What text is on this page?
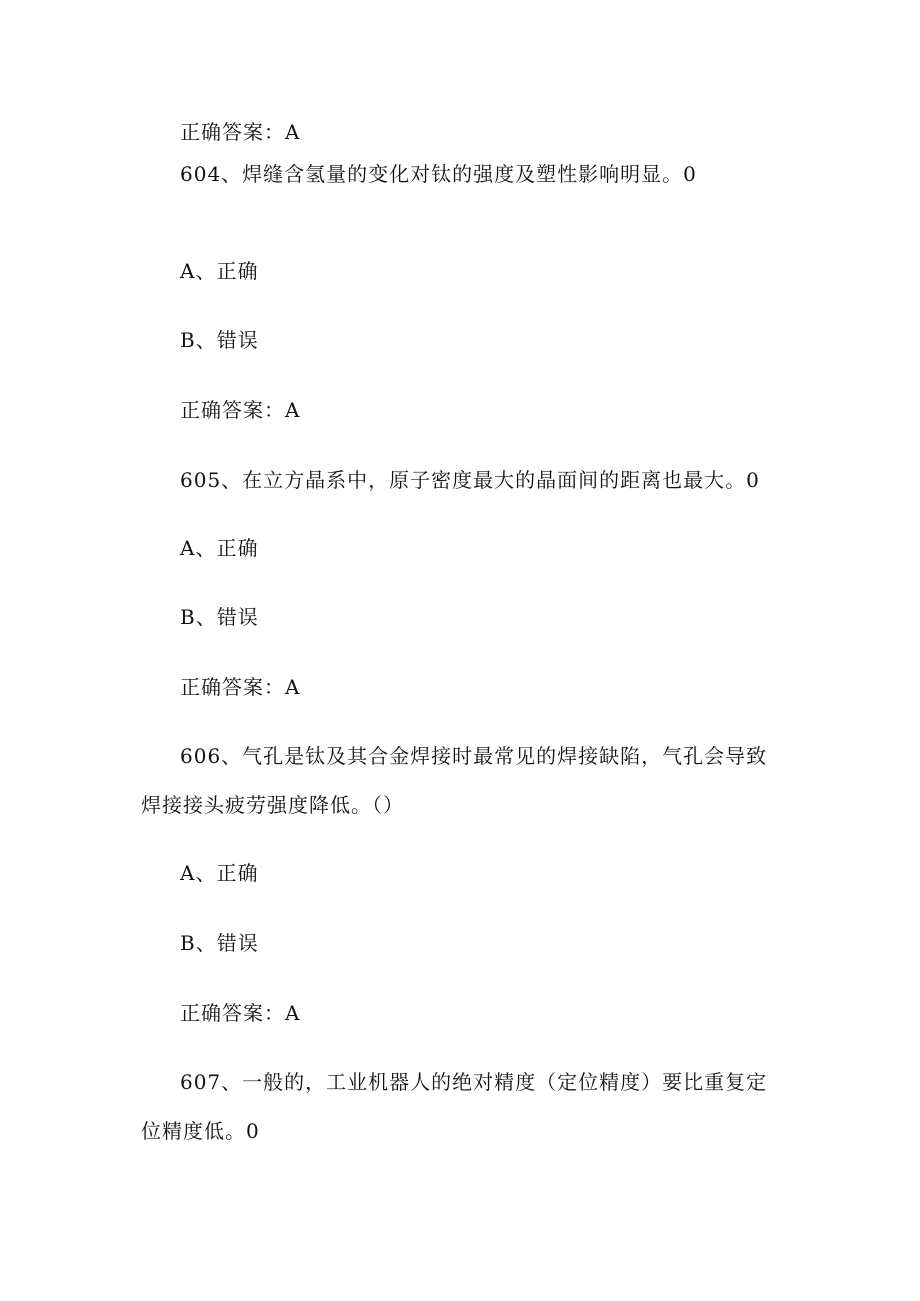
正确答案：A
604、焊缝含氢量的变化对钛的强度及塑性影响明显。0
A、正确
B、错误
正确答案：A
605、在立方晶系中，原子密度最大的晶面间的距离也最大。0
A、正确
B、错误
正确答案：A
606、气孔是钛及其合金焊接时最常见的焊接缺陷，气孔会导致
焊接接头疲劳强度降低。（）
A、正确
B、错误
正确答案：A
607、一般的，工业机器人的绝对精度（定位精度）要比重复定
位精度低。0
